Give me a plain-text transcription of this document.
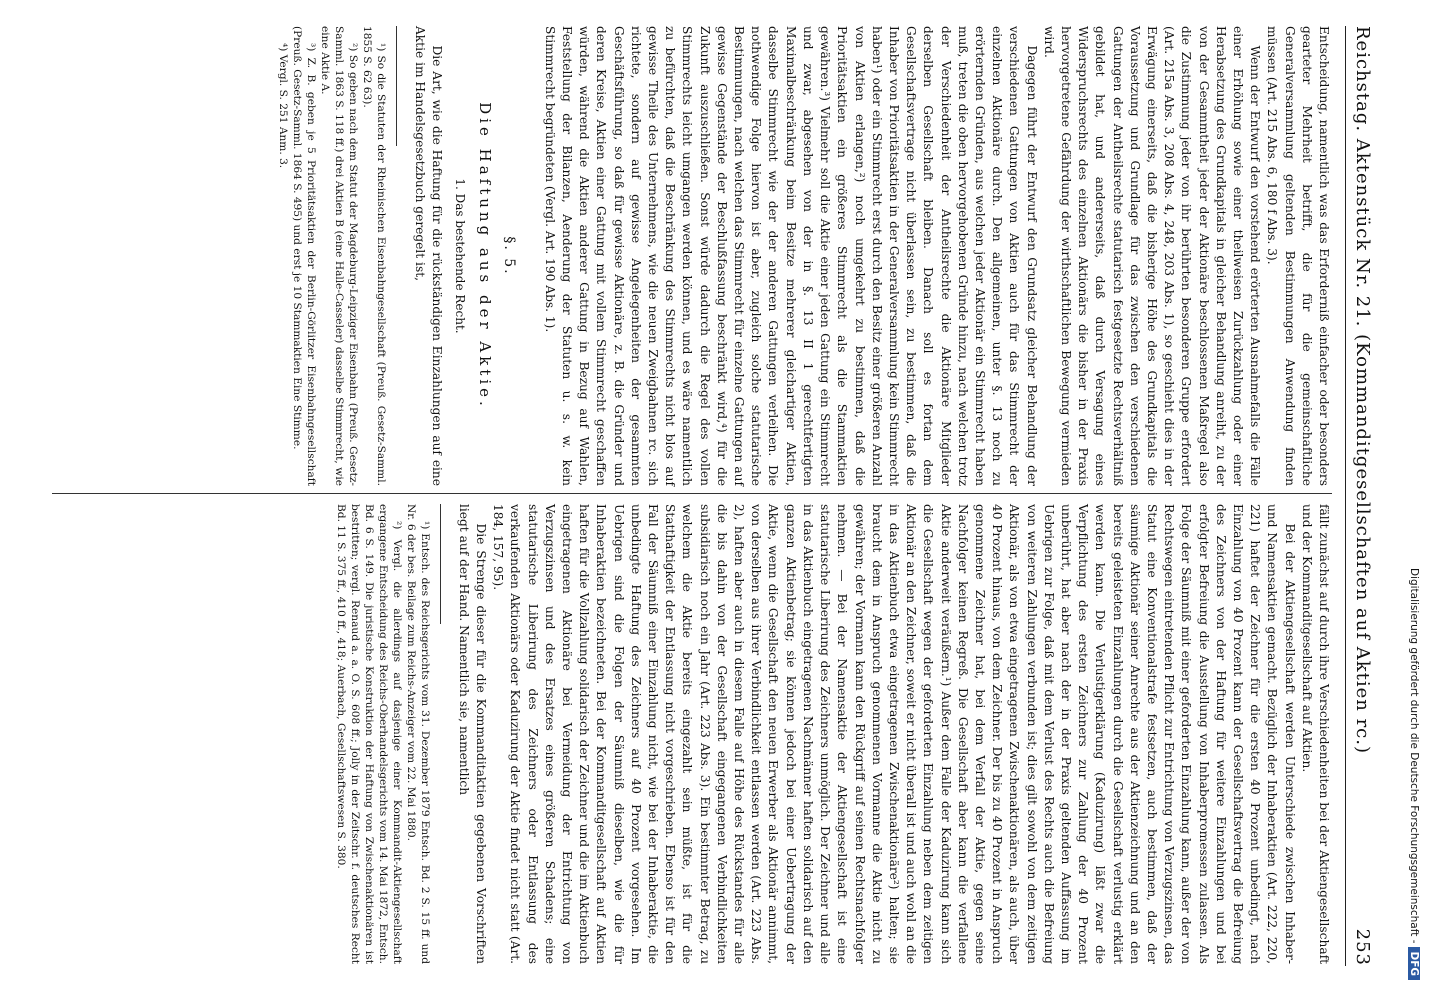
Reichstag. Aktenstück Nr. 21. (Kommanditgesellschaften auf Aktien rc.)
253

Entscheidung, namentlich was das Erforderniß einfacher oder besonders gearteter Mehrheit betrifft, die für die gemeinschaftliche Generalversammlung geltenden Bestimmungen Anwendung finden müssen (Art. 215 Abs. 6, 180 f Abs. 3).

Wenn der Entwurf den vorstehend erörterten Ausnahmefalls die Fälle einer Erhöhung sowie einer theilweisen Zurückzahlung oder einer Herabsetzung des Grundkapitals in gleicher Behandlung anreiht, zu der von der Gesammtheit jeder der Aktionäre beschlossenen Maßregel also die Zustimmung jeder von ihr berührten besonderen Gruppe erfordert (Art. 215a Abs. 3, 208 Abs. 4, 248, 203 Abs. 1), so geschieht dies in der Erwägung einerseits, daß die bisherige Höhe des Grundkapitals die Voraussetzung und Grundlage für das zwischen den verschiedenen Gattungen der Antheilsrechte statutarisch festgesetzte Rechtsverhältniß gebildet hat, und andererseits, daß durch Versagung eines Widerspruchsrechts des einzelnen Aktionärs die bisher in der Praxis hervorgetretene Gefährdung der wirthschaftlichen Bewegung vermieden wird.

Dagegen führt der Entwurf den Grundsatz gleicher Behandlung der verschiedenen Gattungen von Aktien auch für das Stimmrecht der einzelnen Aktionäre durch. Den allgemeinen, unter §. 13 noch zu erörternden Gründen, aus welchen jeder Aktionär ein Stimmrecht haben muß, treten die oben hervorgehobenen Gründe hinzu, nach welchen trotz der Verschiedenheit der Antheilsrechte die Aktionäre Mitglieder derselben Gesellschaft bleiben. Danach soll es fortan dem Gesellschaftsvertrage nicht überlassen sein, zu bestimmen, daß die Inhaber von Prioritätsaktien in der Generalversammlung kein Stimmrecht haben¹) oder ein Stimmrecht erst durch den Besitz einer größeren Anzahl von Aktien erlangen,²) noch umgekehrt zu bestimmen, daß die Prioritätsaktien ein größeres Stimmrecht als die Stammaktien gewähren.³) Vielmehr soll die Aktie einer jeden Gattung ein Stimmrecht und zwar, abgesehen von der in §. 13 II 1 gerechtfertigten Maximalbeschränkung beim Besitze mehrerer gleichartiger Aktien, dasselbe Stimmrecht wie der der anderen Gattungen verleihen. Die nothwendige Folge hiervon ist aber, zugleich solche statutarische Bestimmungen, nach welchen das Stimmrecht für einzelne Gattungen auf gewisse Gegenstände der Beschlußfassung beschränkt wird,⁴) für die Zukunft auszuschließen. Sonst würde dadurch die Regel des vollen Stimmrechts leicht umgangen werden können, und es wäre namentlich zu befürchten, daß die Beschränkung des Stimmrechts nicht blos auf gewisse Theile des Unternehmens, wie die neuen Zweigbahnen rc. sich richtete, sondern auf gewisse Angelegenheiten der gesammten Geschäftsführung, so daß für gewisse Aktionäre, z. B. die Gründer und deren Kreise, Aktien einer Gattung mit vollem Stimmrecht geschaffen würden, während die Aktien anderer Gattung in Bezug auf Wahlen, Feststellung der Bilanzen, Aenderung der Statuten u. s. w. kein Stimmrecht begründeten (Vergl. Art. 190 Abs. 1).

§. 5.
Die Haftung aus der Aktie.
1. Das bestehende Recht.

Die Art, wie die Haftung für die rückständigen Einzahlungen auf eine Aktie im Handelsgesetzbuch geregelt ist,

¹) So die Statuten der Rheinischen Eisenbahngesellschaft (Preuß. Gesetz-Samml. 1855 S. 62 63).

²) So geben nach dem Statut der Magdeburg-Leipziger Eisenbahn (Preuß. Gesetz-Samml. 1863 S. 118 ff.) drei Aktien B (eine Halle-Casseler) dasselbe Stimmrecht, wie eine Aktie A.

³) Z. B. geben je 5 Prioritätsaktien der Berlin-Görlitzer Eisenbahngesellschaft (Preuß. Gesetz-Samml. 1864 S. 495) und erst je 10 Stammaktien Eine Stimme.

⁴) Vergl. S. 251 Anm. 3.

fällt zunächst auf durch ihre Verschiedenheiten bei der Aktiengesellschaft und der Kommanditgesellschaft auf Aktien.

Bei der Aktiengesellschaft werden Unterschiede zwischen Inhaber- und Namensaktien gemacht. Bezüglich der Inhaberaktien (Art. 222, 220, 221) haftet der Zeichner für die ersten 40 Prozent unbedingt, nach Einzahlung von 40 Prozent kann der Gesellschaftsvertrag die Befreiung des Zeichners von der Haftung für weitere Einzahlungen und bei erfolgter Befreiung die Ausstellung von Inhaberpromessen zulassen. Als Folge der Säumniß mit einer geforderten Einzahlung kann, außer der von Rechtswegen eintretenden Pflicht zur Entrichtung von Verzugszinsen, das Statut eine Konventionalstrafe festsetzen, auch bestimmen, daß der säumige Aktionär seiner Anrechte aus der Aktienzeichnung und an den bereits geleisteten Einzahlungen durch die Gesellschaft verlustig erklärt werden kann. Die Verlustigerklärung (Kaduzirung) läßt zwar die Verpflichtung des ersten Zeichners zur Zahlung der 40 Prozent unberührt, hat aber nach der in der Praxis geltenden Auffassung im Uebrigen zur Folge, daß mit dem Verlust des Rechts auch die Befreiung von weiteren Zahlungen verbunden ist; dies gilt sowohl von dem zeitigen Aktionär, als von etwa eingetragenen Zwischenaktionären, als auch, über 40 Prozent hinaus, von dem Zeichner. Der bis zu 40 Prozent in Anspruch genommene Zeichner hat, bei dem Verfall der Aktie, gegen seine Nachfolger keinen Regreß. Die Gesellschaft aber kann die verfallene Aktie anderweit veräußern.¹) Außer dem Falle der Kaduzirung kann sich die Gesellschaft wegen der geforderten Einzahlung neben dem zeitigen Aktionär an den Zeichner, soweit er nicht überall ist und auch wohl an die in das Aktienbuch etwa eingetragenen Zwischenaktionäre²) halten; sie braucht dem in Anspruch genommenen Vormanne die Aktie nicht zu gewähren; der Vormann kann den Rückgriff auf seinen Rechtsnachfolger nehmen. — Bei der Namensaktie der Aktiengesellschaft ist eine statutarische Liberirung des Zeichners unmöglich. Der Zeichner und alle in das Aktienbuch eingetragenen Nachmänner haften solidarisch auf den ganzen Aktienbetrag; sie können jedoch bei einer Uebertragung der Aktie, wenn die Gesellschaft den neuen Erwerber als Aktionär annimmt, von derselben aus ihrer Verbindlichkeit entlassen werden (Art. 223 Abs. 2), haften aber auch in diesem Falle auf Höhe des Rückstandes für alle die bis dahin von der Gesellschaft eingegangenen Verbindlichkeiten subsidiarisch noch ein Jahr (Art. 223 Abs. 3). Ein bestimmter Betrag, zu welchem die Aktie bereits eingezahlt sein müßte, ist für die Statthaftigkeit der Entlassung nicht vorgeschrieben. Ebenso ist für den Fall der Säumniß einer Einzahlung nicht, wie bei der Inhaberaktie, die unbedingte Haftung des Zeichners auf 40 Prozent vorgesehen. Im Uebrigen sind die Folgen der Säumniß dieselben, wie die für Inhaberaktien bezeichneten. Bei der Kommanditgesellschaft auf Aktien haften für die Vollzahlung solidarisch der Zeichner und die im Aktienbuch eingetragenen Aktionäre bei Vermeidung der Entrichtung von Verzugszinsen und des Ersatzes eines größeren Schadens; eine statutarische Liberirung des Zeichners oder Entlassung des verkaufenden Aktionärs oder Kaduzirung der Aktie findet nicht statt (Art. 184, 157, 95).

Die Strenge dieser für die Kommanditaktien gegebenen Vorschriften liegt auf der Hand. Namentlich sie, namentlich

¹) Entsch. des Reichsgerichts vom 31. Dezember 1879 Entsch. Bd. 2 S. 15 ff. und Nr. 6 der bes. Beilage zum Reichs-Anzeiger vom 22. Mai 1880.

²) Vergl. die allerdings auf dasjenige einer Kommandit-Aktiengesellschaft ergangene Entscheidung des Reichs-Oberhandelsgerichts vom 14. Mai 1872, Entsch. Bd. 6 S. 149. Die juristische Konstruktion der Haftung von Zwischenaktionären ist bestritten; vergl. Renaud a. a. O. S. 608 ff.; Jolly in der Zeitschr. f. deutsches Recht Bd. 11 S. 375 ff., 410 ff., 418; Auerbach, Gesellschaftswesen S. 380.	Digitalisierung gefördert durch die Deutsche Forschungsgemeinschaft -DFG
